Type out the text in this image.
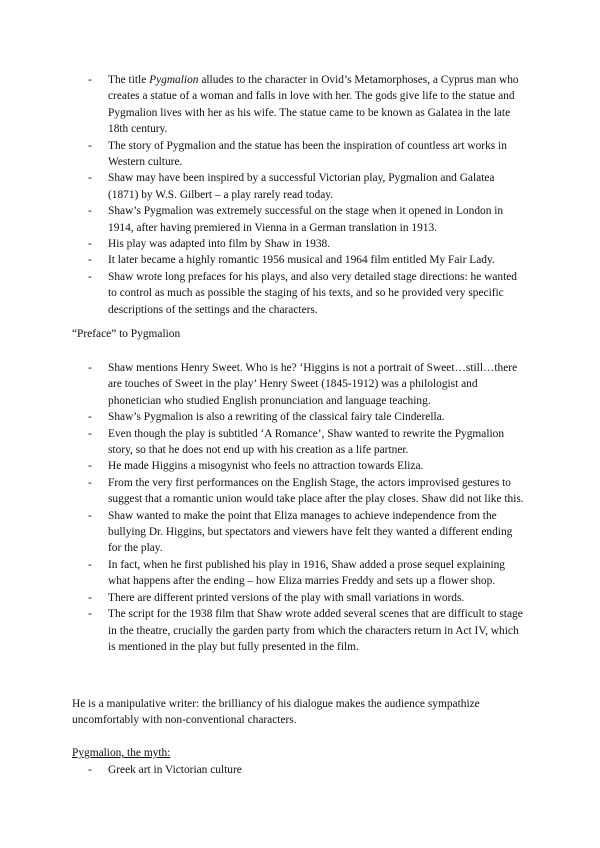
- The title Pygmalion alludes to the character in Ovid’s Metamorphoses, a Cyprus man who creates a statue of a woman and falls in love with her. The gods give life to the statue and Pygmalion lives with her as his wife. The statue came to be known as Galatea in the late 18th century.
- The story of Pygmalion and the statue has been the inspiration of countless art works in Western culture.
- Shaw may have been inspired by a successful Victorian play, Pygmalion and Galatea (1871) by W.S. Gilbert – a play rarely read today.
- Shaw’s Pygmalion was extremely successful on the stage when it opened in London in 1914, after having premiered in Vienna in a German translation in 1913.
- His play was adapted into film by Shaw in 1938.
- It later became a highly romantic 1956 musical and 1964 film entitled My Fair Lady.
- Shaw wrote long prefaces for his plays, and also very detailed stage directions: he wanted to control as much as possible the staging of his texts, and so he provided very specific descriptions of the settings and the characters.
“Preface” to Pygmalion
- Shaw mentions Henry Sweet. Who is he? ‘Higgins is not a portrait of Sweet…still…there are touches of Sweet in the play’ Henry Sweet (1845-1912) was a philologist and phonetician who studied English pronunciation and language teaching.
- Shaw’s Pygmalion is also a rewriting of the classical fairy tale Cinderella.
- Even though the play is subtitled ‘A Romance’, Shaw wanted to rewrite the Pygmalion story, so that he does not end up with his creation as a life partner.
- He made Higgins a misogynist who feels no attraction towards Eliza.
- From the very first performances on the English Stage, the actors improvised gestures to suggest that a romantic union would take place after the play closes. Shaw did not like this.
- Shaw wanted to make the point that Eliza manages to achieve independence from the bullying Dr. Higgins, but spectators and viewers have felt they wanted a different ending for the play.
- In fact, when he first published his play in 1916, Shaw added a prose sequel explaining what happens after the ending – how Eliza marries Freddy and sets up a flower shop.
- There are different printed versions of the play with small variations in words.
- The script for the 1938 film that Shaw wrote added several scenes that are difficult to stage in the theatre, crucially the garden party from which the characters return in Act IV, which is mentioned in the play but fully presented in the film.
He is a manipulative writer: the brilliancy of his dialogue makes the audience sympathize uncomfortably with non-conventional characters.
Pygmalion, the myth:
- Greek art in Victorian culture
